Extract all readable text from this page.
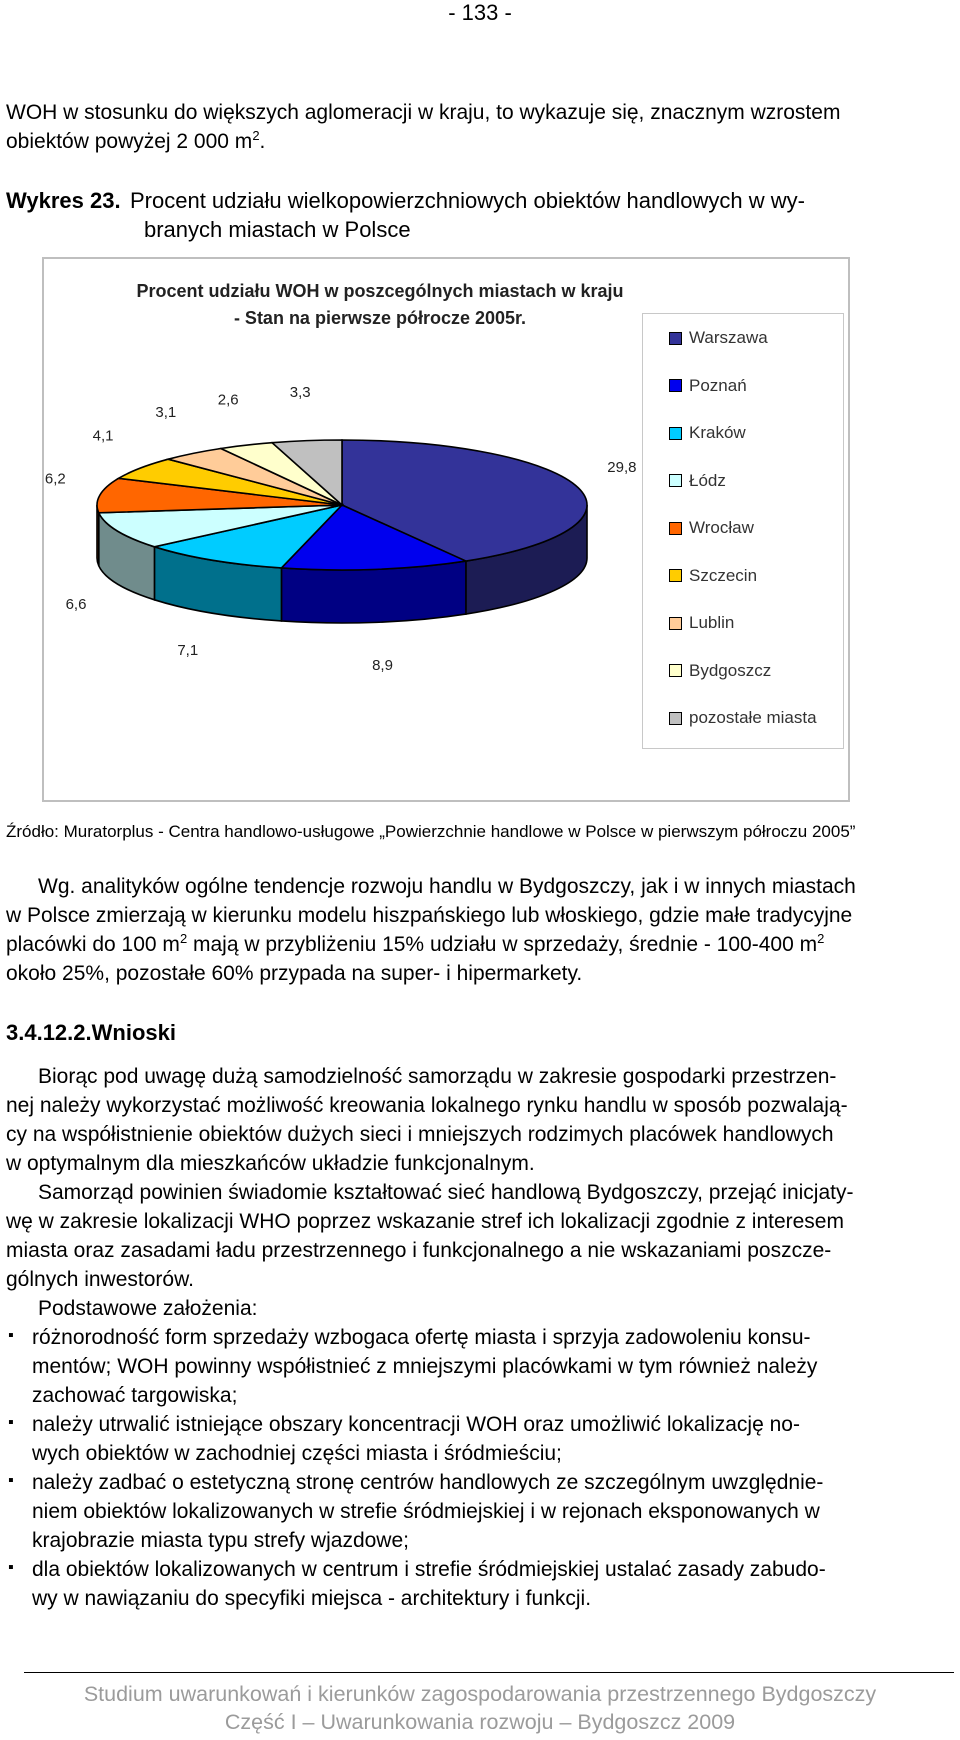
- 133 -
WOH w stosunku do większych aglomeracji w kraju, to wykazuje się, znacznym wzrostem
obiektów powyżej 2 000 $m^2$.
Wykres 23. Procent udziału wielkopowierzchniowych obiektów handlowych w wy-
branych miastach w Polsce
Procent udziału WOH w poszcególnych miastach w kraju
- Stan na pierwsze półrocze 2005r.
29,8
8,9
7,1
6,6
6,2
4,1
3,1
2,6	3,3
Warszawa
Poznań
Kraków
Łódz
Wrocław
Szczecin
Lublin
Bydgoszcz
pozostałe miasta
Źródło: Muratorplus - Centra handlowo-usługowe „Powierzchnie handlowe w Polsce w pierwszym półroczu 2005”
Wg. analityków ogólne tendencje rozwoju handlu w Bydgoszczy, jak i w innych miastach
w Polsce zmierzają w kierunku modelu hiszpańskiego lub włoskiego, gdzie małe tradycyjne
placówki do 100 $m^2$ mają w przybliżeniu 15% udziału w sprzedaży, średnie - 100-400 $m^2$
około 25%, pozostałe 60% przypada na super- i hipermarkety.
3.4.12.2.Wnioski
Biorąc pod uwagę dużą samodzielność samorządu w zakresie gospodarki przestrzen-
nej należy wykorzystać możliwość kreowania lokalnego rynku handlu w sposób pozwalają-
cy na współistnienie obiektów dużych sieci i mniejszych rodzimych placówek handlowych
w optymalnym dla mieszkańców układzie funkcjonalnym.
Samorząd powinien świadomie kształtować sieć handlową Bydgoszczy, przejąć inicjaty-
wę w zakresie lokalizacji WHO poprzez wskazanie stref ich lokalizacji zgodnie z interesem
miasta oraz zasadami ładu przestrzennego i funkcjonalnego a nie wskazaniami poszcze-
gólnych inwestorów.
Podstawowe założenia:
▪ różnorodność form sprzedaży wzbogaca ofertę miasta i sprzyja zadowoleniu konsu-
mentów; WOH powinny współistnieć z mniejszymi placówkami w tym również należy
zachować targowiska;
▪ należy utrwalić istniejące obszary koncentracji WOH oraz umożliwić lokalizację no-
wych obiektów w zachodniej części miasta i śródmieściu;
▪ należy zadbać o estetyczną stronę centrów handlowych ze szczególnym uwzględnie-
niem obiektów lokalizowanych w strefie śródmiejskiej i w rejonach eksponowanych w
krajobrazie miasta typu strefy wjazdowe;
▪ dla obiektów lokalizowanych w centrum i strefie śródmiejskiej ustalać zasady zabudo-
wy w nawiązaniu do specyfiki miejsca - architektury i funkcji.
Studium uwarunkowań i kierunków zagospodarowania przestrzennego Bydgoszczy
Część I – Uwarunkowania rozwoju – Bydgoszcz 2009
